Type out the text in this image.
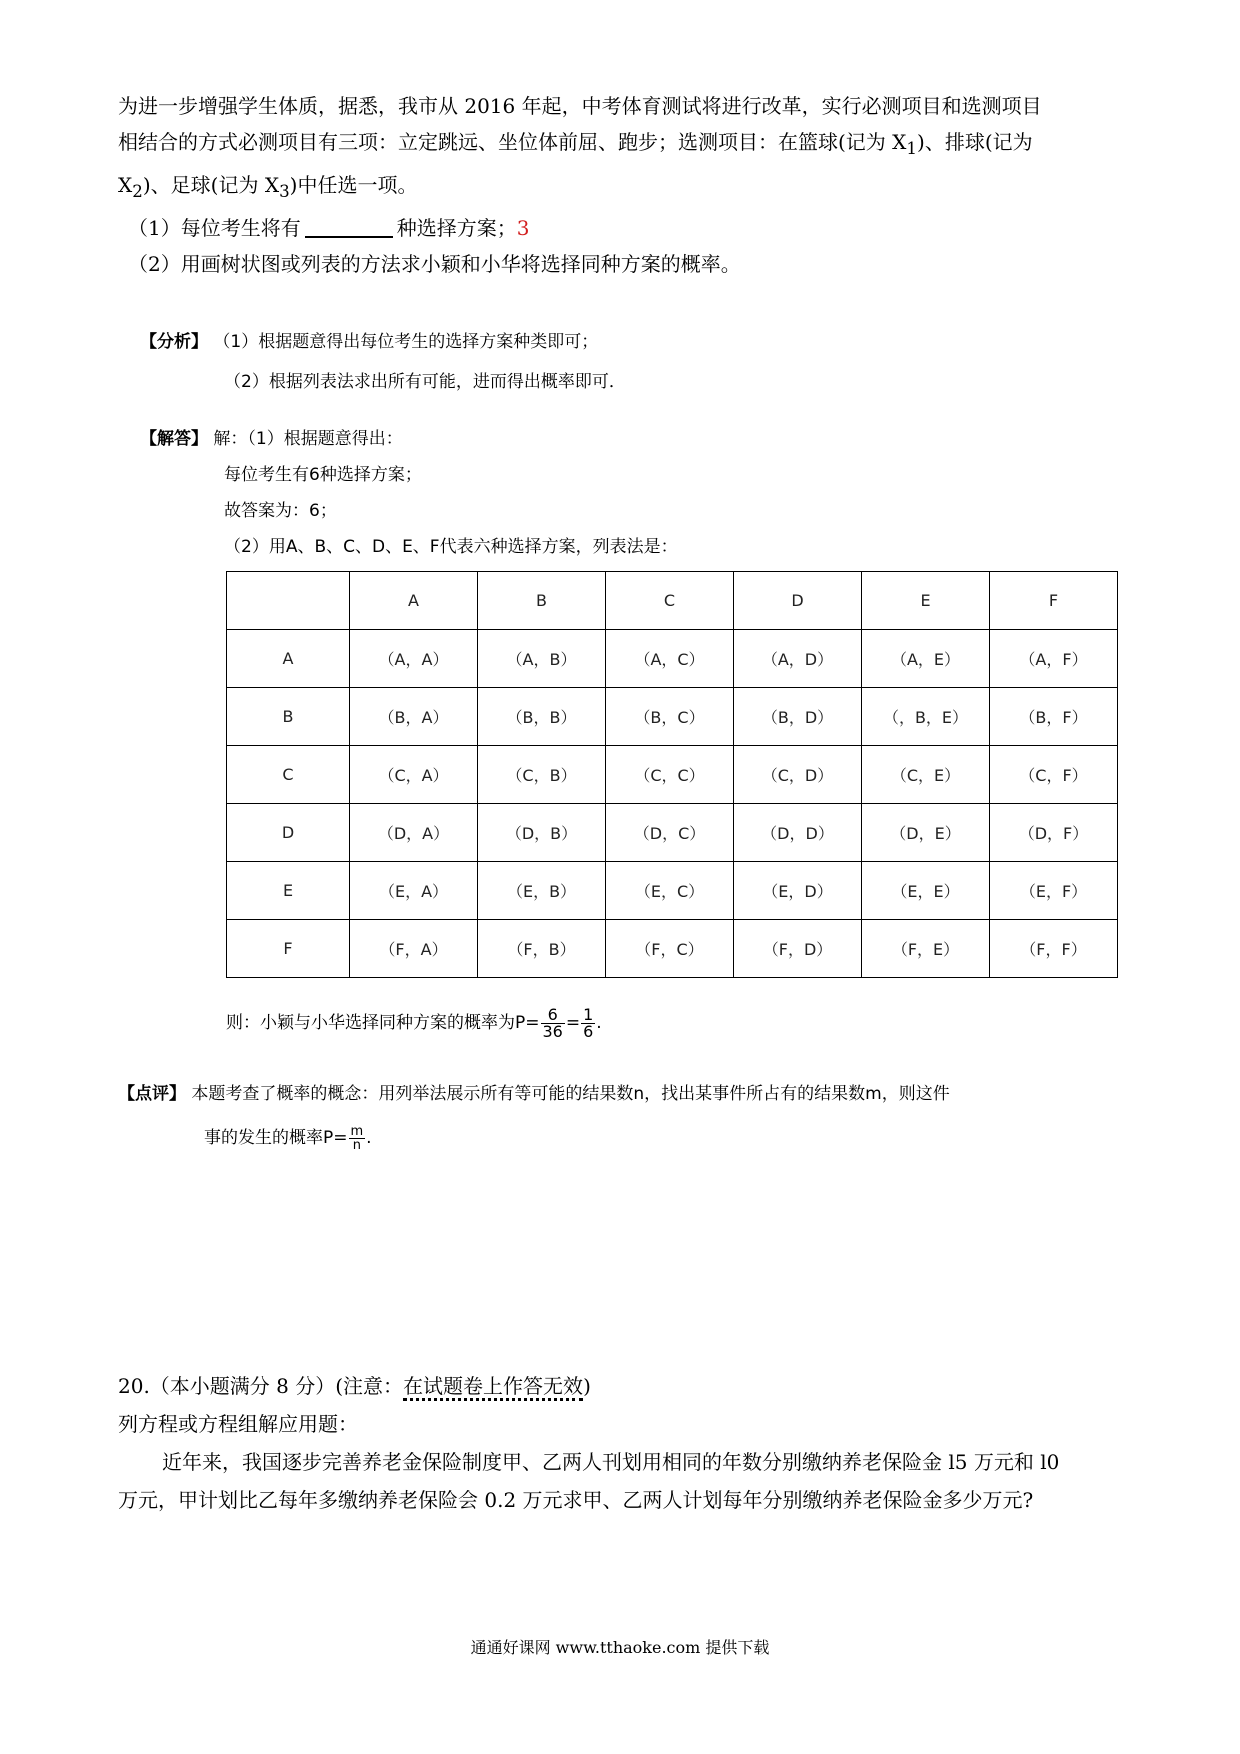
为进一步增强学生体质，据悉，我市从 2016 年起，中考体育测试将进行改革，实行必测项目和选测项目
相结合的方式必测项目有三项：立定跳远、坐位体前屈、跑步；选测项目：在篮球(记为 $X_1$)、排球(记为
$X_2$)、足球(记为 $X_3$)中任选一项。
（1）每位考生将有	种选择方案；3
（2）用画树状图或列表的方法求小颖和小华将选择同种方案的概率。
【分析】 （1）根据题意得出每位考生的选择方案种类即可；
（2）根据列表法求出所有可能，进而得出概率即可．
【解答】 解：（1）根据题意得出：
每位考生有6种选择方案；
故答案为：6；
（2）用A、B、C、D、E、F代表六种选择方案，列表法是：
	A	B	C	D	E	F
A	（A，A）	（A，B）	（A，C）	（A，D）	（A，E）	（A，F）
B	（B，A）	（B，B）	（B，C）	（B，D）	（，B，E）	（B，F）
C	（C，A）	（C，B）	（C，C）	（C，D）	（C，E）	（C，F）
D	（D，A）	（D，B）	（D，C）	（D，D）	（D，E）	（D，F）
E	（E，A）	（E，B）	（E，C）	（E，D）	（E，E）	（E，F）
F	（F，A）	（F，B）	（F，C）	（F，D）	（F，E）	（F，F）
则：小颖与小华选择同种方案的概率为$P= \frac{6}{36} = \frac{1}{6}$ .
【点评】 本题考查了概率的概念：用列举法展示所有等可能的结果数n，找出某事件所占有的结果数m，则这件
事的发生的概率$P= \frac{m}{n}$ .
20.（本小题满分 8 分）(注意：在试题卷上作答无效)
列方程或方程组解应用题：
近年来，我国逐步完善养老金保险制度甲、乙两人刊划用相同的年数分别缴纳养老保险金 l5 万元和 l0
万元，甲计划比乙每年多缴纳养老保险会 0.2 万元求甲、乙两人计划每年分别缴纳养老保险金多少万元?
通通好课网 www.tthaoke.com 提供下载
